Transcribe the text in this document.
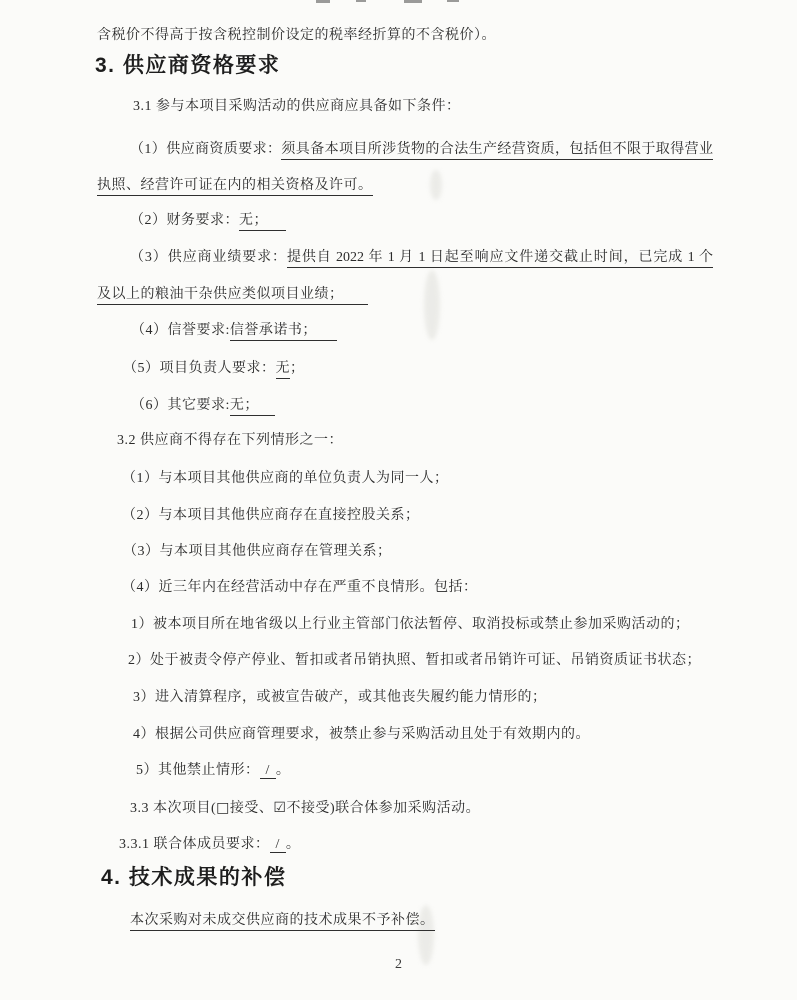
含税价不得高于按含税控制价设定的税率经折算的不含税价）。
3. 供应商资格要求
3.1 参与本项目采购活动的供应商应具备如下条件：
（1）供应商资质要求：须具备本项目所涉货物的合法生产经营资质，包括但不限于取得营业
执照、经营许可证在内的相关资格及许可。
（2）财务要求：无；
（3）供应商业绩要求：提供自 2022 年 1 月 1 日起至响应文件递交截止时间，已完成 1 个
及以上的粮油干杂供应类似项目业绩；
（4）信誉要求:信誉承诺书；
（5）项目负责人要求：无；
（6）其它要求:无；
3.2 供应商不得存在下列情形之一：
（1）与本项目其他供应商的单位负责人为同一人；
（2）与本项目其他供应商存在直接控股关系；
（3）与本项目其他供应商存在管理关系；
（4）近三年内在经营活动中存在严重不良情形。包括：
1）被本项目所在地省级以上行业主管部门依法暂停、取消投标或禁止参加采购活动的；
2）处于被责令停产停业、暂扣或者吊销执照、暂扣或者吊销许可证、吊销资质证书状态；
3）进入清算程序，或被宣告破产，或其他丧失履约能力情形的；
4）根据公司供应商管理要求，被禁止参与采购活动且处于有效期内的。
5）其他禁止情形： / 。
3.3 本次项目(□接受、☑不接受)联合体参加采购活动。
3.3.1 联合体成员要求： / 。
4. 技术成果的补偿
本次采购对未成交供应商的技术成果不予补偿。
2
